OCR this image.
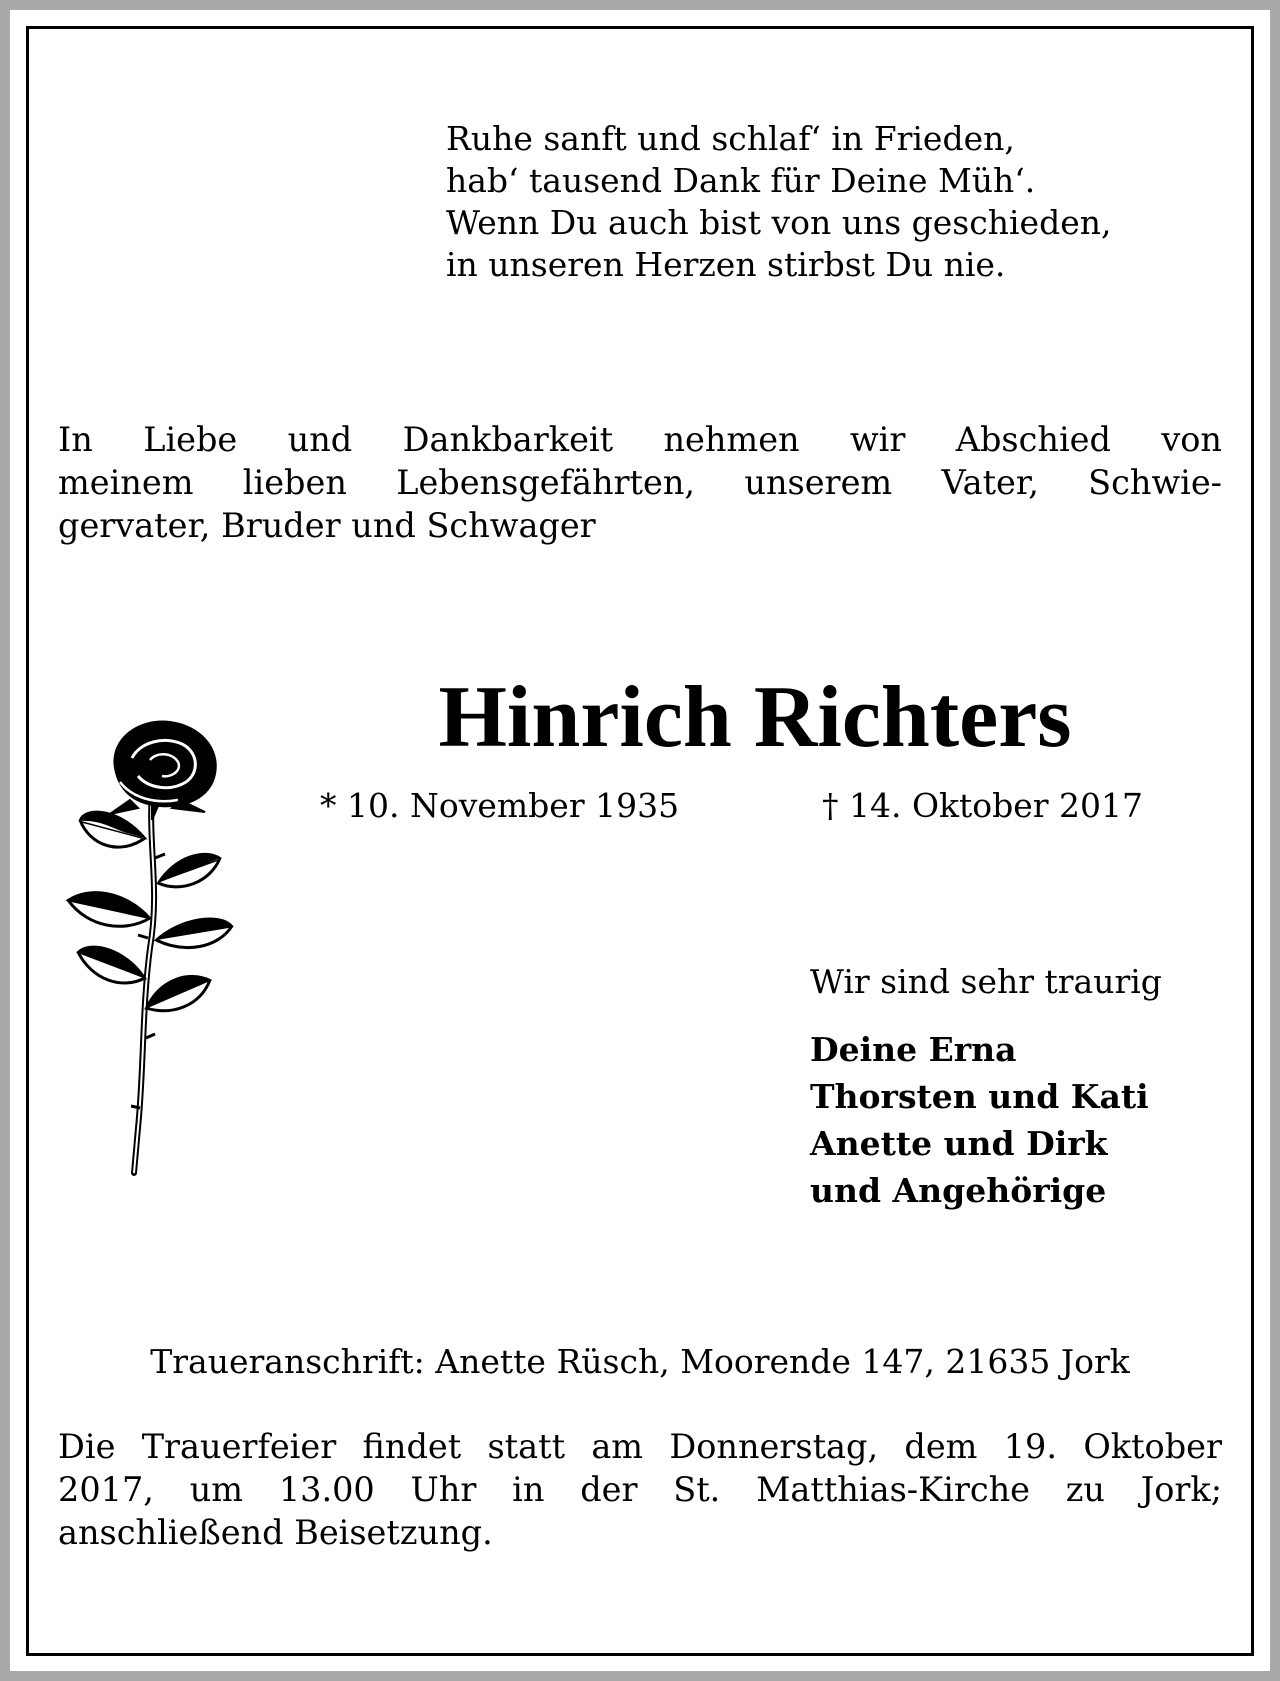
Ruhe sanft und schlaf‘ in Frieden,
hab‘ tausend Dank für Deine Müh‘.
Wenn Du auch bist von uns geschieden,
in unseren Herzen stirbst Du nie.
In Liebe und Dankbarkeit nehmen wir Abschied von
meinem lieben Lebensgefährten, unserem Vater, Schwie-
gervater, Bruder und Schwager
Hinrich Richters
* 10. November 1935	† 14. Oktober 2017
Wir sind sehr traurig
Deine Erna
Thorsten und Kati
Anette und Dirk
und Angehörige
Traueranschrift: Anette Rüsch, Moorende 147, 21635 Jork
Die Trauerfeier findet statt am Donnerstag, dem 19. Oktober
2017, um 13.00 Uhr in der St. Matthias-Kirche zu Jork;
anschließend Beisetzung.
